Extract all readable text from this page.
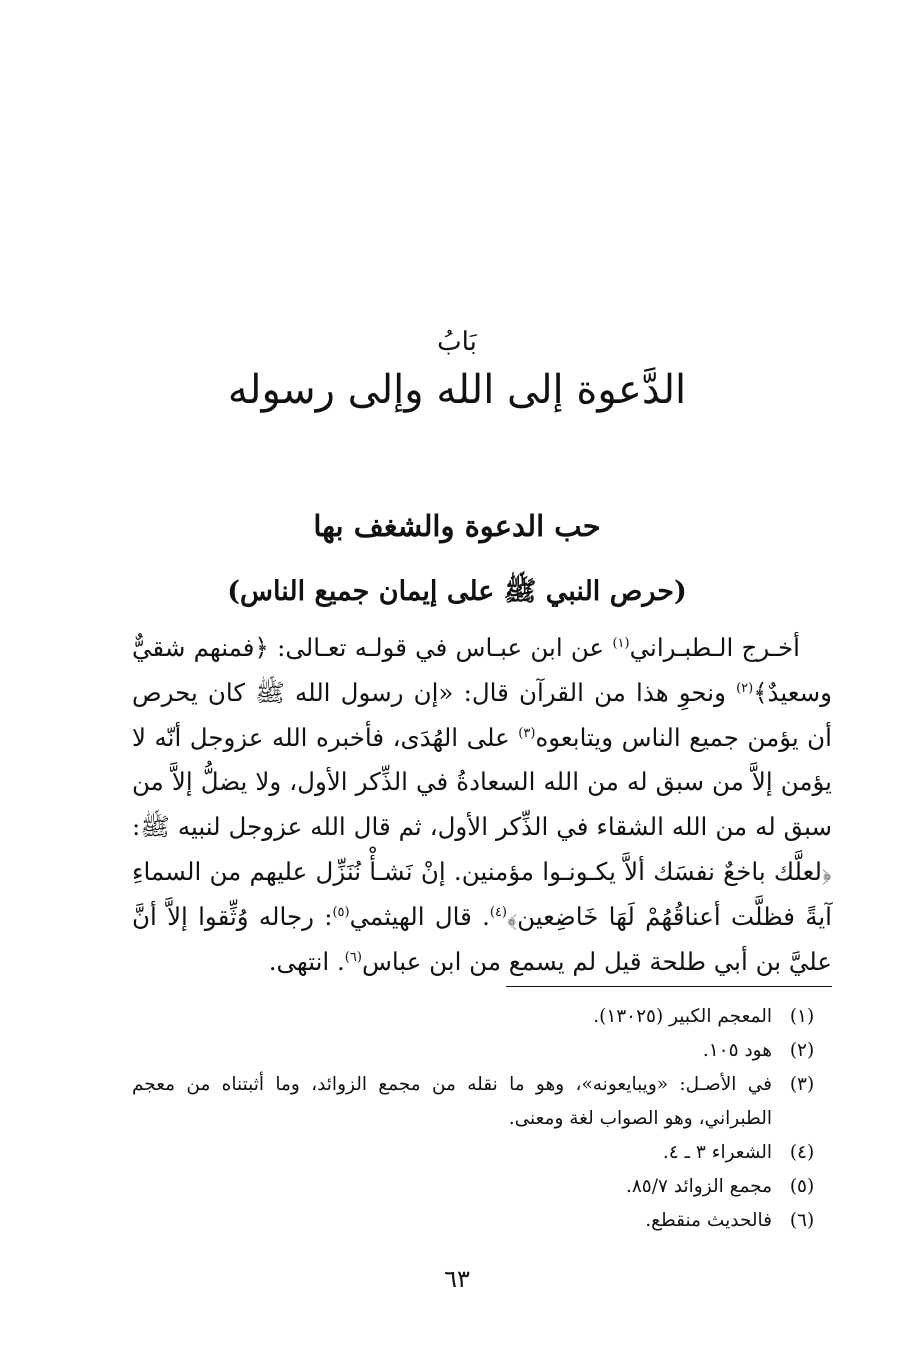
بَابُ
الدَّعوة إلى الله وإلى رسوله
حب الدعوة والشغف بها
(حرص النبي ﷺ على إيمان جميع الناس)

أخـرج الـطبـراني$^{(١)}$ عن ابن عبـاس في قولـه تعـالى: ﴿فمنهم شقيٌّ وسعيدٌ﴾$^{(٢)}$ ونحوِ هذا من القرآن قال: «إن رسول الله ﷺ كان يحرص أن يؤمن جميع الناس ويتابعوه$^{(٣)}$ على الهُدَى، فأخبره الله عزوجل أنّه لا يؤمن إلاَّ من سبق له من الله السعادةُ في الذِّكر الأول، ولا يضلُّ إلاَّ من سبق له من الله الشقاء في الذِّكر الأول، ثم قال الله عزوجل لنبيه ﷺ: ﴿لعلَّك باخعٌ نفسَك ألاَّ يكـونـوا مؤمنين. إنْ نَشـأْ نُنَزِّل عليهم من السماءِ آيةً فظلَّت أعناقُهُمْ لَهَا خَاضِعين﴾$^{(٤)}$. قال الهيثمي$^{(٥)}$: رجاله وُثِّقوا إلاَّ أنَّ عليَّ بن أبي طلحة قيل لم يسمع من ابن عباس$^{(٦)}$. انتهى.

(١)
المعجم الكبير (١٣٠٢٥).
(٢)
هود ١٠٥.
(٣)
في الأصـل: «ويبايعونه»، وهو ما نقله من مجمع الزوائد، وما أثبتناه من معجم الطبراني، وهو الصواب لغة ومعنى.
(٤)
الشعراء ٣ ـ ٤.
(٥)
مجمع الزوائد ٨٥/٧.
(٦)
فالحديث منقطع.
٦٣
